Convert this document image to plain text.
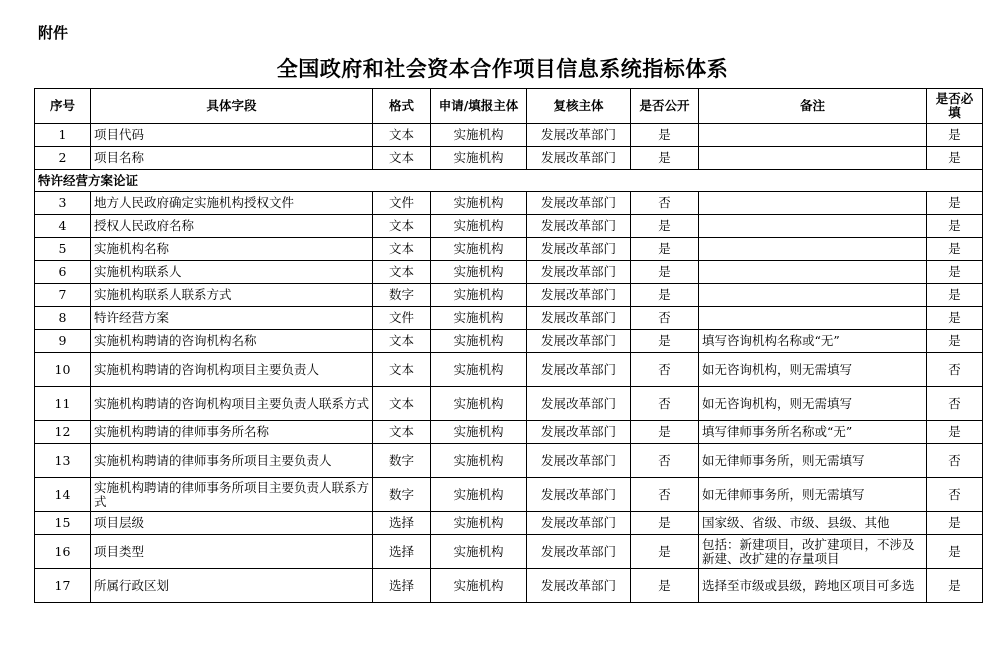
附件
全国政府和社会资本合作项目信息系统指标体系
序号	具体字段	格式	申请/填报主体	复核主体	是否公开	备注	是否必填
1	项目代码	文本	实施机构	发展改革部门	是		是
2	项目名称	文本	实施机构	发展改革部门	是		是
特许经营方案论证							
3	地方人民政府确定实施机构授权文件	文件	实施机构	发展改革部门	否		是
4	授权人民政府名称	文本	实施机构	发展改革部门	是		是
5	实施机构名称	文本	实施机构	发展改革部门	是		是
6	实施机构联系人	文本	实施机构	发展改革部门	是		是
7	实施机构联系人联系方式	数字	实施机构	发展改革部门	是		是
8	特许经营方案	文件	实施机构	发展改革部门	否		是
9	实施机构聘请的咨询机构名称	文本	实施机构	发展改革部门	是	填写咨询机构名称或“无”	是
10	实施机构聘请的咨询机构项目主要负责人	文本	实施机构	发展改革部门	否	如无咨询机构，则无需填写	否
11	实施机构聘请的咨询机构项目主要负责人联系方式	文本	实施机构	发展改革部门	否	如无咨询机构，则无需填写	否
12	实施机构聘请的律师事务所名称	文本	实施机构	发展改革部门	是	填写律师事务所名称或“无”	是
13	实施机构聘请的律师事务所项目主要负责人	数字	实施机构	发展改革部门	否	如无律师事务所，则无需填写	否
14	实施机构聘请的律师事务所项目主要负责人联系方式	数字	实施机构	发展改革部门	否	如无律师事务所，则无需填写	否
15	项目层级	选择	实施机构	发展改革部门	是	国家级、省级、市级、县级、其他	是
16	项目类型	选择	实施机构	发展改革部门	是	包括：新建项目，改扩建项目，不涉及新建、改扩建的存量项目	是
17	所属行政区划	选择	实施机构	发展改革部门	是	选择至市级或县级，跨地区项目可多选	是
